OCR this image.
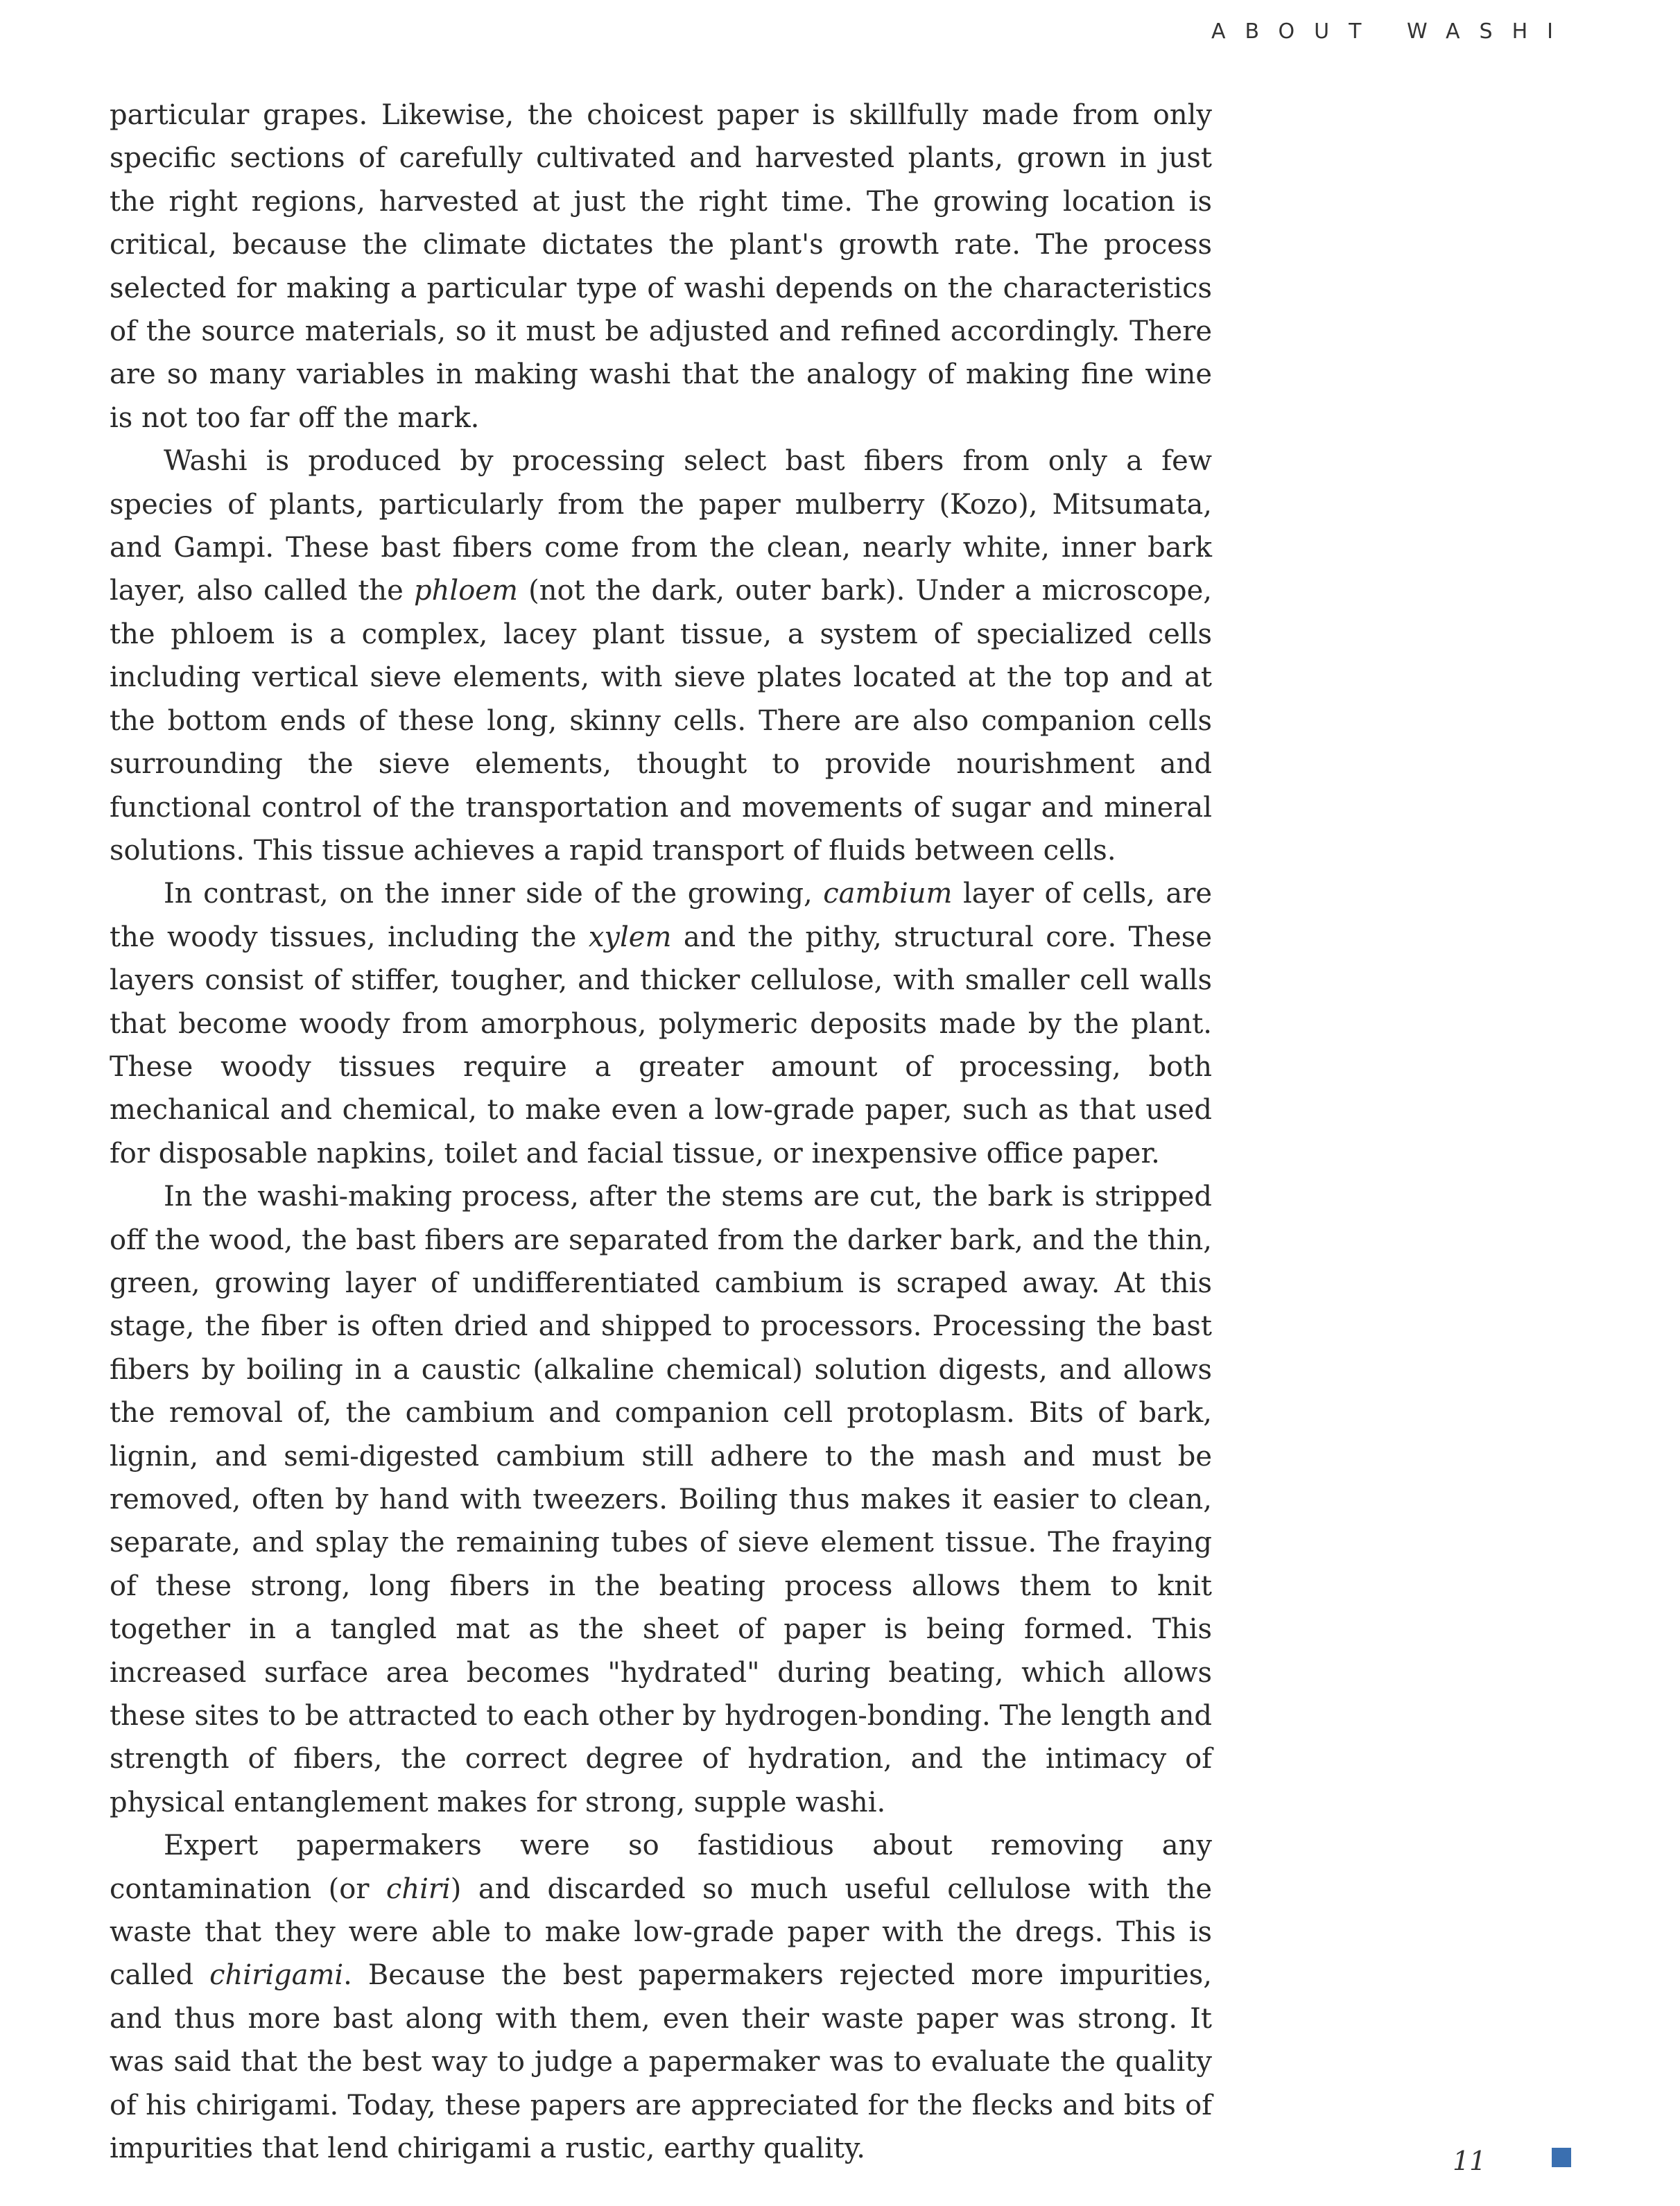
ABOUT WASHI

particular grapes. Likewise, the choicest paper is skillfully made from only specific sections of carefully cultivated and harvested plants, grown in just the right regions, harvested at just the right time. The growing location is critical, because the climate dictates the plant's growth rate. The process selected for making a particular type of washi depends on the characteristics of the source materials, so it must be adjusted and refined accordingly. There are so many variables in making washi that the analogy of making fine wine is not too far off the mark.

Washi is produced by processing select bast fibers from only a few species of plants, particularly from the paper mulberry (Kozo), Mitsumata, and Gampi. These bast fibers come from the clean, nearly white, inner bark layer, also called the phloem (not the dark, outer bark). Under a microscope, the phloem is a complex, lacey plant tissue, a system of specialized cells including vertical sieve elements, with sieve plates located at the top and at the bottom ends of these long, skinny cells. There are also companion cells surrounding the sieve elements, thought to provide nourishment and functional control of the transportation and movements of sugar and mineral solutions. This tissue achieves a rapid transport of fluids between cells.

In contrast, on the inner side of the growing, cambium layer of cells, are the woody tissues, including the xylem and the pithy, structural core. These layers consist of stiffer, tougher, and thicker cellulose, with smaller cell walls that become woody from amorphous, polymeric deposits made by the plant. These woody tissues require a greater amount of processing, both mechanical and chemical, to make even a low-grade paper, such as that used for disposable napkins, toilet and facial tissue, or inexpensive office paper.

In the washi-making process, after the stems are cut, the bark is stripped off the wood, the bast fibers are separated from the darker bark, and the thin, green, growing layer of undifferentiated cambium is scraped away. At this stage, the fiber is often dried and shipped to processors. Processing the bast fibers by boiling in a caustic (alkaline chemical) solution digests, and allows the removal of, the cambium and companion cell protoplasm. Bits of bark, lignin, and semi-digested cambium still adhere to the mash and must be removed, often by hand with tweezers. Boiling thus makes it easier to clean, separate, and splay the remaining tubes of sieve element tissue. The fraying of these strong, long fibers in the beating process allows them to knit together in a tangled mat as the sheet of paper is being formed. This increased surface area becomes "hydrated" during beating, which allows these sites to be attracted to each other by hydrogen-bonding. The length and strength of fibers, the correct degree of hydration, and the intimacy of physical entanglement makes for strong, supple washi.

Expert papermakers were so fastidious about removing any contamination (or chiri) and discarded so much useful cellulose with the waste that they were able to make low-grade paper with the dregs. This is called chirigami. Because the best papermakers rejected more impurities, and thus more bast along with them, even their waste paper was strong. It was said that the best way to judge a papermaker was to evaluate the quality of his chirigami. Today, these papers are appreciated for the flecks and bits of impurities that lend chirigami a rustic, earthy quality.	11
